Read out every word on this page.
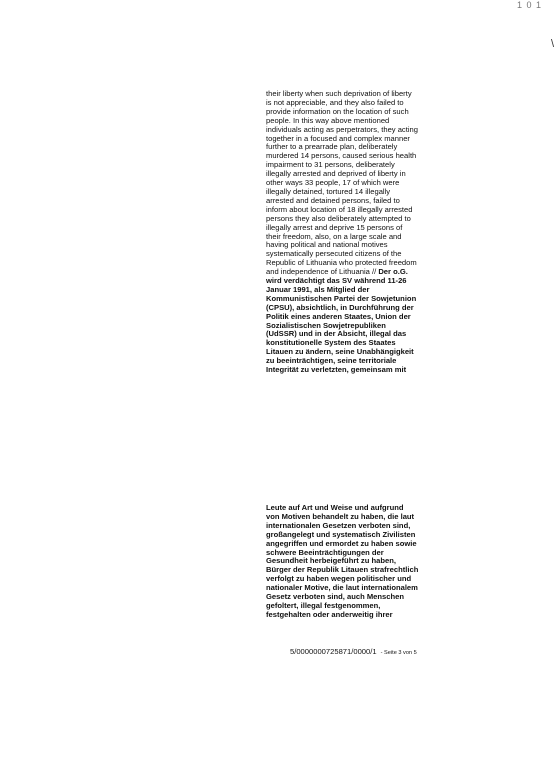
1 0 1
\
their liberty when such deprivation of liberty
is not appreciable, and they also failed to
provide information on the location of such
people. In this way above mentioned
individuals acting as perpetrators, they acting
together in a focused and complex manner
further to a prearrade plan, deliberately
murdered 14 persons, caused serious health
impairment to 31 persons, deliberately
illegally arrested and deprived of liberty in
other ways 33 people, 17 of which were
illegally detained, tortured 14 illegally
arrested and detained persons, failed to
inform about location of 18 illegally arrested
persons they also deliberately attempted to
illegally arrest and deprive 15 persons of
their freedom, also, on a large scale and
having political and national motives
systematically persecuted citizens of the
Republic of Lithuania who protected freedom
and independence of Lithuania // Der o.G.
wird verdächtigt das SV während 11-26
Januar 1991, als Mitglied der
Kommunistischen Partei der Sowjetunion
(CPSU), absichtlich, in Durchführung der
Politik eines anderen Staates, Union der
Sozialistischen Sowjetrepubliken
(UdSSR) und in der Absicht, illegal das
konstitutionelle System des Staates
Litauen zu ändern, seine Unabhängigkeit
zu beeinträchtigen, seine territoriale
Integrität zu verletzten, gemeinsam mit
Leute auf Art und Weise und aufgrund
von Motiven behandelt zu haben, die laut
internationalen Gesetzen verboten sind,
großangelegt und systematisch Zivilisten
angegriffen und ermordet zu haben sowie
schwere Beeinträchtigungen der
Gesundheit herbeigeführt zu haben,
Bürger der Republik Litauen strafrechtlich
verfolgt zu haben wegen politischer und
nationaler Motive, die laut internationalem
Gesetz verboten sind, auch Menschen
gefoltert, illegal festgenommen,
festgehalten oder anderweitig ihrer
5/0000000725871/0000/1 - Seite 3 von 5
